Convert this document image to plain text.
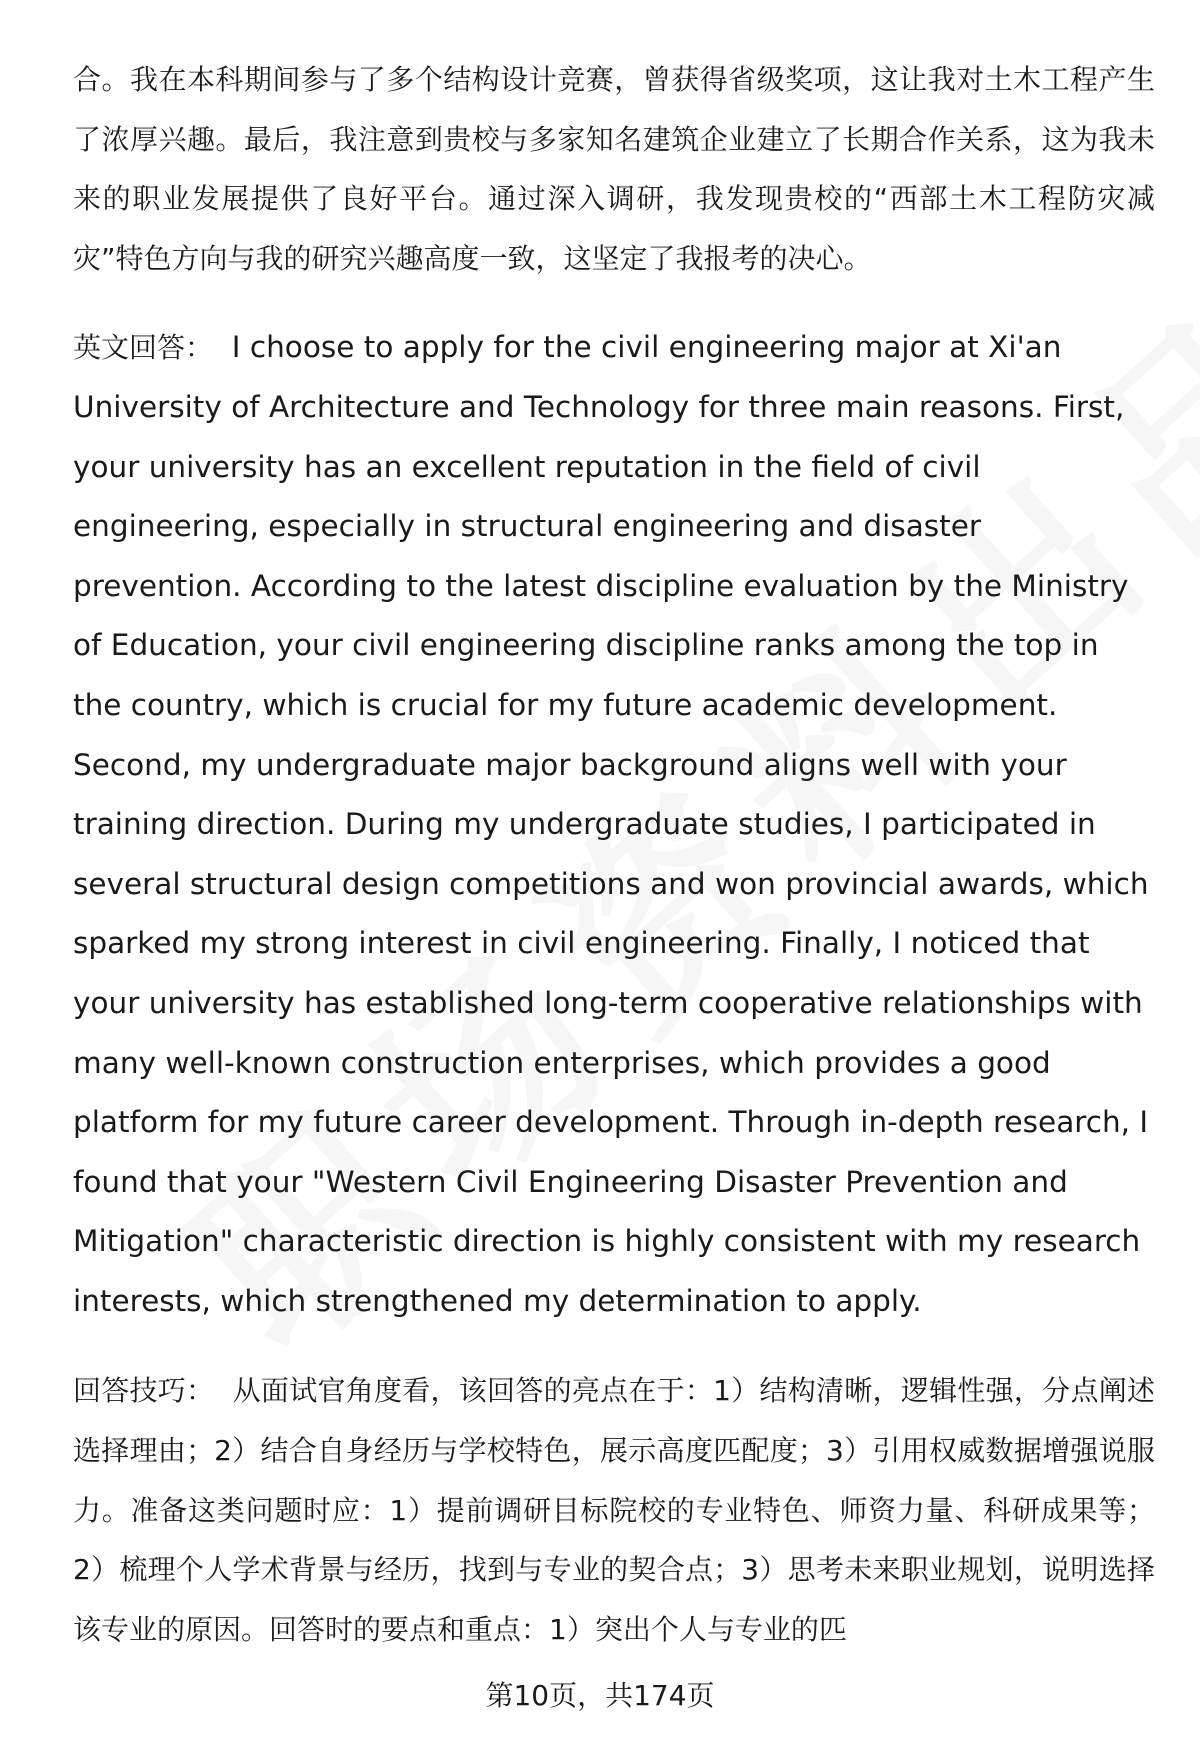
合。我在本科期间参与了多个结构设计竞赛，曾获得省级奖项，这让我对土木工程产生了浓厚兴趣。最后，我注意到贵校与多家知名建筑企业建立了长期合作关系，这为我未来的职业发展提供了良好平台。通过深入调研，我发现贵校的“西部土木工程防灾减灾”特色方向与我的研究兴趣高度一致，这坚定了我报考的决心。

英文回答： I choose to apply for the civil engineering major at Xi'an University of Architecture and Technology for three main reasons. First, your university has an excellent reputation in the field of civil engineering, especially in structural engineering and disaster prevention. According to the latest discipline evaluation by the Ministry of Education, your civil engineering discipline ranks among the top in the country, which is crucial for my future academic development. Second, my undergraduate major background aligns well with your training direction. During my undergraduate studies, I participated in several structural design competitions and won provincial awards, which sparked my strong interest in civil engineering. Finally, I noticed that your university has established long-term cooperative relationships with many well-known construction enterprises, which provides a good platform for my future career development. Through in-depth research, I found that your "Western Civil Engineering Disaster Prevention and Mitigation" characteristic direction is highly consistent with my research interests, which strengthened my determination to apply.

回答技巧： 从面试官角度看，该回答的亮点在于：1）结构清晰，逻辑性强，分点阐述选择理由；2）结合自身经历与学校特色，展示高度匹配度；3）引用权威数据增强说服力。准备这类问题时应：1）提前调研目标院校的专业特色、师资力量、科研成果等；2）梳理个人学术背景与经历，找到与专业的契合点；3）思考未来职业规划，说明选择该专业的原因。回答时的要点和重点：1）突出个人与专业的匹

第10页，共174页
